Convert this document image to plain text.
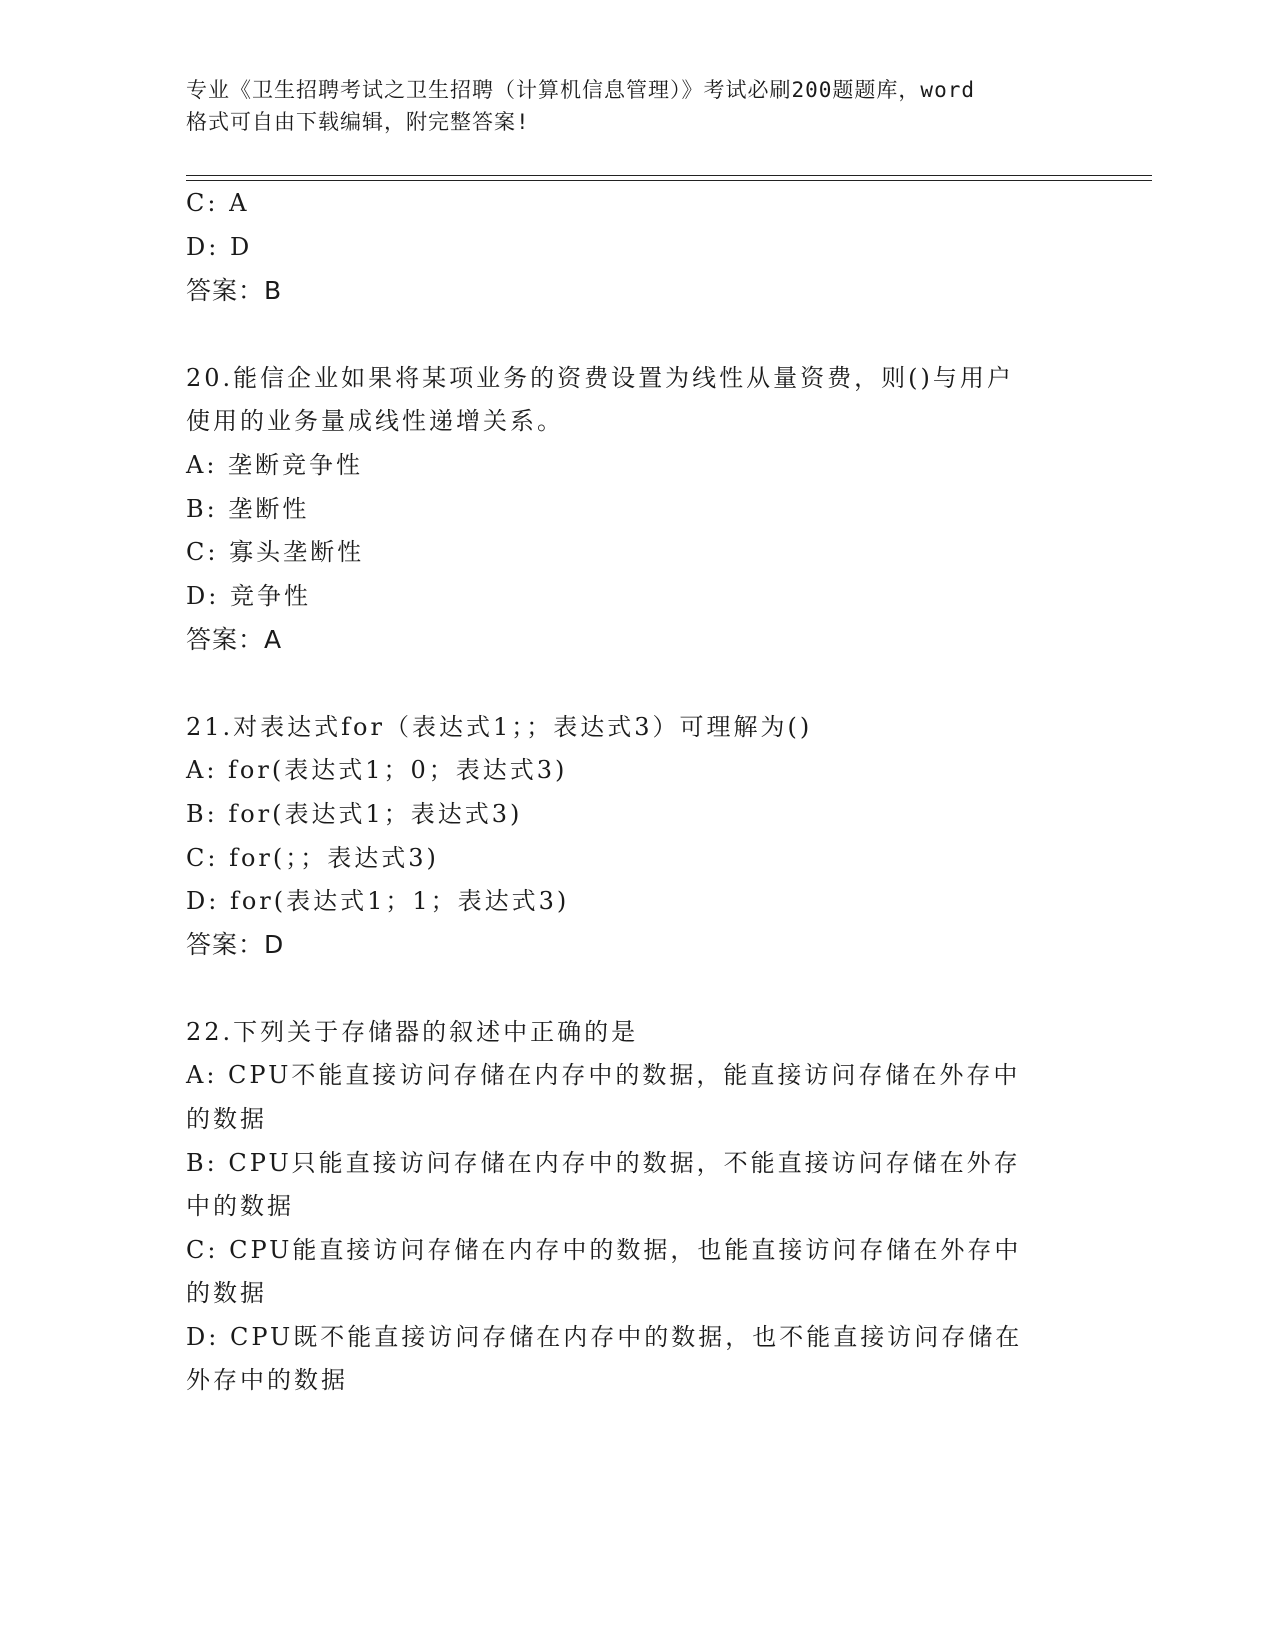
专业《卫生招聘考试之卫生招聘（计算机信息管理）》考试必刷200题题库，word
格式可自由下载编辑，附完整答案!
C: A
D: D
答案：B
20.能信企业如果将某项业务的资费设置为线性从量资费，则()与用户
使用的业务量成线性递增关系。
A: 垄断竞争性
B: 垄断性
C: 寡头垄断性
D: 竞争性
答案：A
21.对表达式for（表达式1；；表达式3）可理解为()
A: for(表达式1；0；表达式3)
B: for(表达式1；表达式3)
C: for(；；表达式3)
D: for(表达式1；1；表达式3)
答案：D
22.下列关于存储器的叙述中正确的是
A: CPU不能直接访问存储在内存中的数据，能直接访问存储在外存中
的数据
B: CPU只能直接访问存储在内存中的数据，不能直接访问存储在外存
中的数据
C: CPU能直接访问存储在内存中的数据，也能直接访问存储在外存中
的数据
D: CPU既不能直接访问存储在内存中的数据，也不能直接访问存储在
外存中的数据
